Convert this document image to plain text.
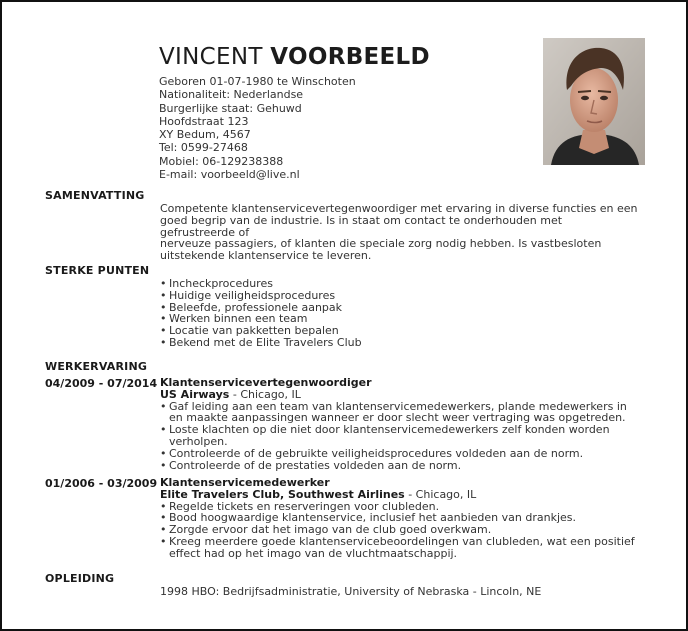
VINCENT VOORBEELD
Geboren 01-07-1980 te Winschoten
Nationaliteit: Nederlandse
Burgerlijke staat: Gehuwd
Hoofdstraat 123
XY Bedum, 4567
Tel: 0599-27468
Mobiel: 06-129238388
E-mail: voorbeeld@live.nl
SAMENVATTING
Competente klantenservicevertegenwoordiger met ervaring in diverse functies en een
goed begrip van de industrie. Is in staat om contact te onderhouden met gefrustreerde of
nerveuze passagiers, of klanten die speciale zorg nodig hebben. Is vastbesloten
uitstekende klantenservice te leveren.
STERKE PUNTEN
• Incheckprocedures
• Huidige veiligheidsprocedures
• Beleefde, professionele aanpak
• Werken binnen een team
• Locatie van pakketten bepalen
• Bekend met de Elite Travelers Club
WERKERVARING
04/2009 - 07/2014 Klantenservicevertegenwoordiger
US Airways - Chicago, IL
• Gaf leiding aan een team van klantenservicemedewerkers, plande medewerkers in en maakte aanpassingen wanneer er door slecht weer vertraging was opgetreden.
• Loste klachten op die niet door klantenservicemedewerkers zelf konden worden verholpen.
• Controleerde of de gebruikte veiligheidsprocedures voldeden aan de norm.
• Controleerde of de prestaties voldeden aan de norm.
01/2006 - 03/2009 Klantenservicemedewerker
Elite Travelers Club, Southwest Airlines - Chicago, IL
• Regelde tickets en reserveringen voor clubleden.
• Bood hoogwaardige klantenservice, inclusief het aanbieden van drankjes.
• Zorgde ervoor dat het imago van de club goed overkwam.
• Kreeg meerdere goede klantenservicebeoordelingen van clubleden, wat een positief effect had op het imago van de vluchtmaatschappij.
OPLEIDING
1998 HBO: Bedrijfsadministratie, University of Nebraska - Lincoln, NE
